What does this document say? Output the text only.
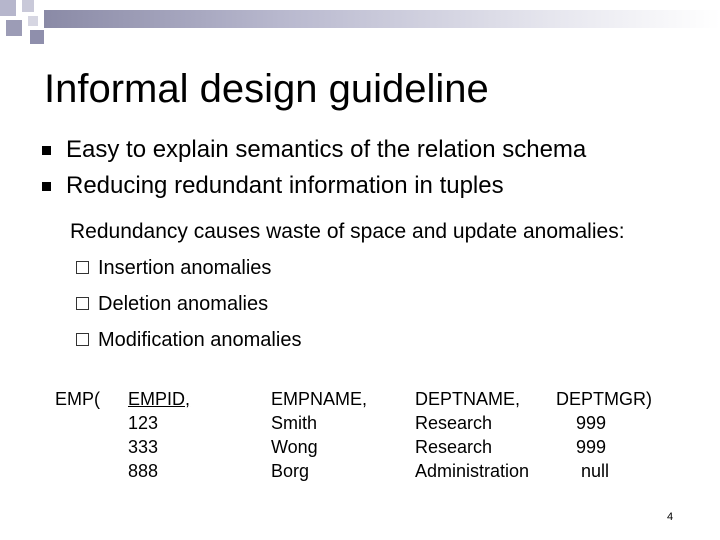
Informal design guideline
Easy to explain semantics of the relation schema
Reducing redundant information in tuples
Redundancy causes waste of space and update anomalies:
Insertion anomalies
Deletion anomalies
Modification anomalies
EMP( EMPID,
123
333
888
EMPNAME,
Smith
Wong
Borg
DEPTNAME,
Research
Research
Administration
DEPTMGR)
999
999
null
4
